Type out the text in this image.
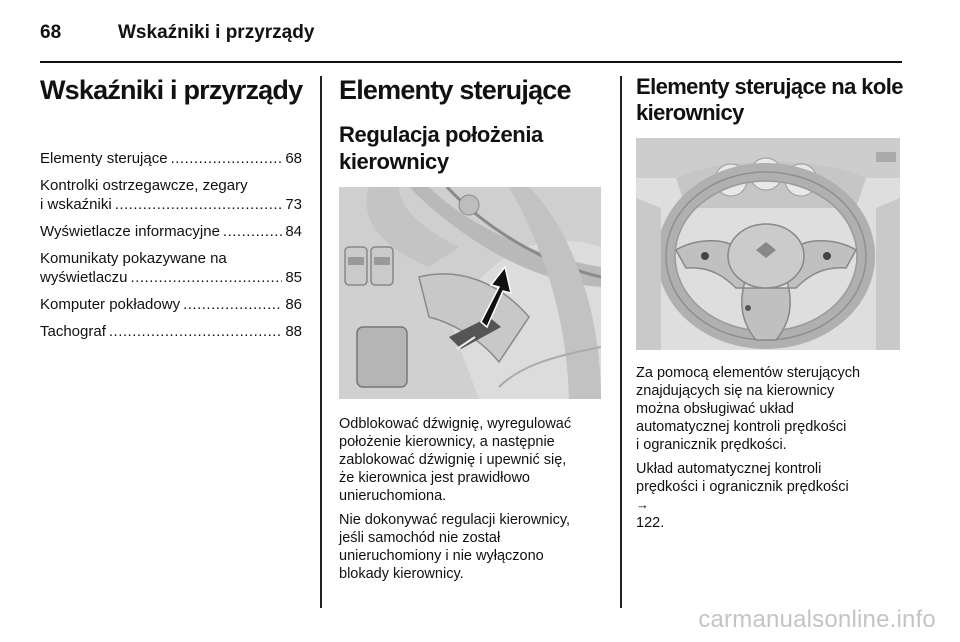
68	Wskaźniki i przyrządy
Wskaźniki i przyrządy
Elementy sterujące .....	68
Kontrolki ostrzegawcze, zegary
i wskaźniki .....	73
Wyświetlacze informacyjne .....	84
Komunikaty pokazywane na
wyświetlaczu .....	85
Komputer pokładowy .....	86
Tachograf .....	88
Elementy sterujące
Regulacja położenia
kierownicy

Odblokować dźwignię, wyregulować
położenie kierownicy, a następnie
zablokować dźwignię i upewnić się,
że kierownica jest prawidłowo
unieruchomiona.

Nie dokonywać regulacji kierownicy,
jeśli samochód nie został
unieruchomiony i nie wyłączono
blokady kierownicy.

Elementy sterujące na kole
kierownicy

Za pomocą elementów sterujących
znajdujących się na kierownicy
można obsługiwać układ
automatycznej kontroli prędkości
i ogranicznik prędkości.

Układ automatycznej kontroli
prędkości i ogranicznik prędkości
→
122.

carmanualsonline.info
